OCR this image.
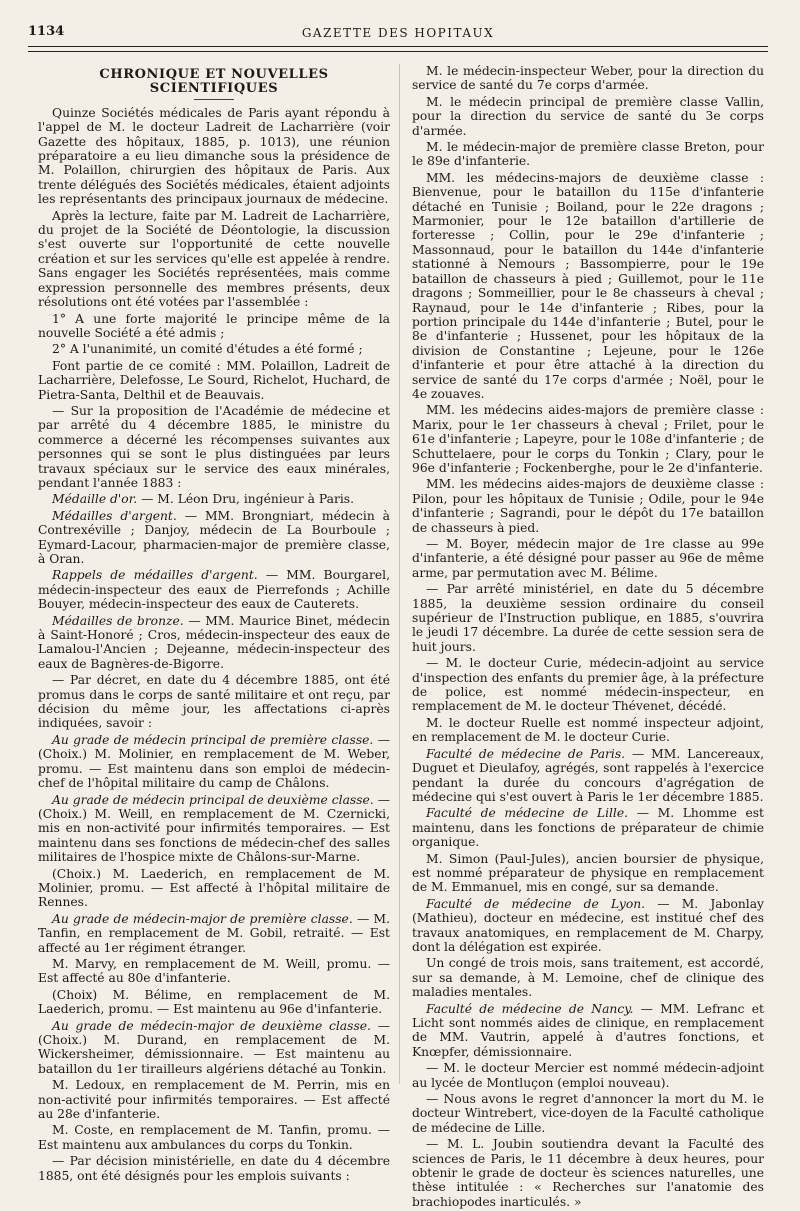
1134	GAZETTE DES HOPITAUX
CHRONIQUE ET NOUVELLES SCIENTIFIQUES

Quinze Sociétés médicales de Paris ayant répondu à l'appel de M. le docteur Ladreit de Lacharrière (voir Gazette des hôpitaux, 1885, p. 1013), une réunion préparatoire a eu lieu dimanche sous la présidence de M. Polaillon, chirurgien des hôpitaux de Paris. Aux trente délégués des Sociétés médicales, étaient adjoints les représentants des principaux journaux de médecine.

Après la lecture, faite par M. Ladreit de Lacharrière, du projet de la Société de Déontologie, la discussion s'est ouverte sur l'opportunité de cette nouvelle création et sur les services qu'elle est appelée à rendre. Sans engager les Sociétés représentées, mais comme expression personnelle des membres présents, deux résolutions ont été votées par l'assemblée :

1° A une forte majorité le principe même de la nouvelle Société a été admis ;

2° A l'unanimité, un comité d'études a été formé ;

Font partie de ce comité : MM. Polaillon, Ladreit de Lacharrière, Delefosse, Le Sourd, Richelot, Huchard, de Pietra-Santa, Delthil et de Beauvais.

— Sur la proposition de l'Académie de médecine et par arrêté du 4 décembre 1885, le ministre du commerce a décerné les récompenses suivantes aux personnes qui se sont le plus distinguées par leurs travaux spéciaux sur le service des eaux minérales, pendant l'année 1883 :

Médaille d'or. — M. Léon Dru, ingénieur à Paris.

Médailles d'argent. — MM. Brongniart, médecin à Contrexéville ; Danjoy, médecin de La Bourboule ; Eymard-Lacour, pharmacien-major de première classe, à Oran.

Rappels de médailles d'argent. — MM. Bourgarel, médecin-inspecteur des eaux de Pierrefonds ; Achille Bouyer, médecin-inspecteur des eaux de Cauterets.

Médailles de bronze. — MM. Maurice Binet, médecin à Saint-Honoré ; Cros, médecin-inspecteur des eaux de Lamalou-l'Ancien ; Dejeanne, médecin-inspecteur des eaux de Bagnères-de-Bigorre.

— Par décret, en date du 4 décembre 1885, ont été promus dans le corps de santé militaire et ont reçu, par décision du même jour, les affectations ci-après indiquées, savoir :

Au grade de médecin principal de première classe. — (Choix.) M. Molinier, en remplacement de M. Weber, promu. — Est maintenu dans son emploi de médecin-chef de l'hôpital militaire du camp de Châlons.

Au grade de médecin principal de deuxième classe. — (Choix.) M. Weill, en remplacement de M. Czernicki, mis en non-activité pour infirmités temporaires. — Est maintenu dans ses fonctions de médecin-chef des salles militaires de l'hospice mixte de Châlons-sur-Marne.

(Choix.) M. Laederich, en remplacement de M. Molinier, promu. — Est affecté à l'hôpital militaire de Rennes.

Au grade de médecin-major de première classe. — M. Tanfin, en remplacement de M. Gobil, retraité. — Est affecté au 1er régiment étranger.

M. Marvy, en remplacement de M. Weill, promu. — Est affecté au 80e d'infanterie.

(Choix) M. Bélime, en remplacement de M. Laederich, promu. — Est maintenu au 96e d'infanterie.

Au grade de médecin-major de deuxième classe. — (Choix.) M. Durand, en remplacement de M. Wickersheimer, démissionnaire. — Est maintenu au bataillon du 1er tirailleurs algériens détaché au Tonkin.

M. Ledoux, en remplacement de M. Perrin, mis en non-activité pour infirmités temporaires. — Est affecté au 28e d'infanterie.

M. Coste, en remplacement de M. Tanfin, promu. — Est maintenu aux ambulances du corps du Tonkin.

— Par décision ministérielle, en date du 4 décembre 1885, ont été désignés pour les emplois suivants :

M. le médecin-inspecteur Weber, pour la direction du service de santé du 7e corps d'armée.

M. le médecin principal de première classe Vallin, pour la direction du service de santé du 3e corps d'armée.

M. le médecin-major de première classe Breton, pour le 89e d'infanterie.

MM. les médecins-majors de deuxième classe : Bienvenue, pour le bataillon du 115e d'infanterie détaché en Tunisie ; Boiland, pour le 22e dragons ; Marmonier, pour le 12e bataillon d'artillerie de forteresse ; Collin, pour le 29e d'infanterie ; Massonnaud, pour le bataillon du 144e d'infanterie stationné à Nemours ; Bassompierre, pour le 19e bataillon de chasseurs à pied ; Guillemot, pour le 11e dragons ; Sommeillier, pour le 8e chasseurs à cheval ; Raynaud, pour le 14e d'infanterie ; Ribes, pour la portion principale du 144e d'infanterie ; Butel, pour le 8e d'infanterie ; Hussenet, pour les hôpitaux de la division de Constantine ; Lejeune, pour le 126e d'infanterie et pour être attaché à la direction du service de santé du 17e corps d'armée ; Noël, pour le 4e zouaves.

MM. les médecins aides-majors de première classe : Marix, pour le 1er chasseurs à cheval ; Frilet, pour le 61e d'infanterie ; Lapeyre, pour le 108e d'infanterie ; de Schuttelaere, pour le corps du Tonkin ; Clary, pour le 96e d'infanterie ; Fockenberghe, pour le 2e d'infanterie.

MM. les médecins aides-majors de deuxième classe : Pilon, pour les hôpitaux de Tunisie ; Odile, pour le 94e d'infanterie ; Sagrandi, pour le dépôt du 17e bataillon de chasseurs à pied.

— M. Boyer, médecin major de 1re classe au 99e d'infanterie, a été désigné pour passer au 96e de même arme, par permutation avec M. Bélime.

— Par arrêté ministériel, en date du 5 décembre 1885, la deuxième session ordinaire du conseil supérieur de l'Instruction publique, en 1885, s'ouvrira le jeudi 17 décembre. La durée de cette session sera de huit jours.

— M. le docteur Curie, médecin-adjoint au service d'inspection des enfants du premier âge, à la préfecture de police, est nommé médecin-inspecteur, en remplacement de M. le docteur Thévenet, décédé.

M. le docteur Ruelle est nommé inspecteur adjoint, en remplacement de M. le docteur Curie.

Faculté de médecine de Paris. — MM. Lancereaux, Duguet et Dieulafoy, agrégés, sont rappelés à l'exercice pendant la durée du concours d'agrégation de médecine qui s'est ouvert à Paris le 1er décembre 1885.

Faculté de médecine de Lille. — M. Lhomme est maintenu, dans les fonctions de préparateur de chimie organique.

M. Simon (Paul-Jules), ancien boursier de physique, est nommé préparateur de physique en remplacement de M. Emmanuel, mis en congé, sur sa demande.

Faculté de médecine de Lyon. — M. Jabonlay (Mathieu), docteur en médecine, est institué chef des travaux anatomiques, en remplacement de M. Charpy, dont la délégation est expirée.

Un congé de trois mois, sans traitement, est accordé, sur sa demande, à M. Lemoine, chef de clinique des maladies mentales.

Faculté de médecine de Nancy. — MM. Lefranc et Licht sont nommés aides de clinique, en remplacement de MM. Vautrin, appelé à d'autres fonctions, et Knœpfer, démissionnaire.

— M. le docteur Mercier est nommé médecin-adjoint au lycée de Montluçon (emploi nouveau).

— Nous avons le regret d'annoncer la mort du M. le docteur Wintrebert, vice-doyen de la Faculté catholique de médecine de Lille.

— M. L. Joubin soutiendra devant la Faculté des sciences de Paris, le 11 décembre à deux heures, pour obtenir le grade de docteur ès sciences naturelles, une thèse intitulée : « Recherches sur l'anatomie des brachiopodes inarticulés. »
